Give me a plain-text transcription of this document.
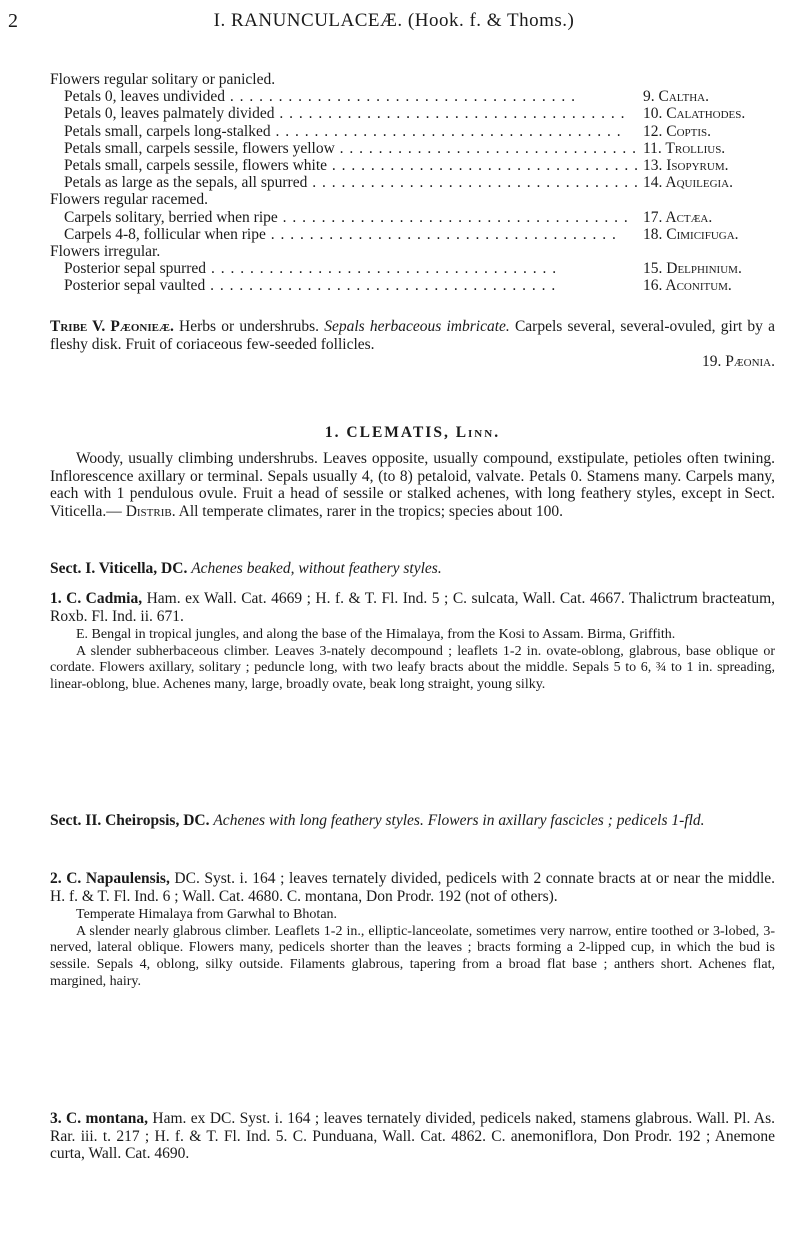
2	I. RANUNCULACEÆ. (Hook. f. & Thoms.)
Flowers regular solitary or panicled.
Petals 0, leaves undivided . . .	9. Caltha.
Petals 0, leaves palmately divided . . .	10. Calathodes.
Petals small, carpels long-stalked . . .	12. Coptis.
Petals small, carpels sessile, flowers yellow . . .	11. Trollius.
Petals small, carpels sessile, flowers white . . .	13. Isopyrum.
Petals as large as the sepals, all spurred . . .	14. Aquilegia.
Flowers regular racemed.
Carpels solitary, berried when ripe . . .	17. Actæa.
Carpels 4-8, follicular when ripe . . .	18. Cimicifuga.
Flowers irregular.
Posterior sepal spurred . . .	15. Delphinium.
Posterior sepal vaulted . . .	16. Aconitum.
Tribe V. Pæonieæ. Herbs or undershrubs. Sepals herbaceous imbricate. Carpels several, several-ovuled, girt by a fleshy disk. Fruit of coriaceous few-seeded follicles.
19. Pæonia.
1. CLEMATIS, Linn.
Woody, usually climbing undershrubs. Leaves opposite, usually compound, exstipulate, petioles often twining. Inflorescence axillary or terminal. Sepals usually 4, (to 8) petaloid, valvate. Petals 0. Stamens many. Carpels many, each with 1 pendulous ovule. Fruit a head of sessile or stalked achenes, with long feathery styles, except in Sect. Viticella.— Distrib. All temperate climates, rarer in the tropics; species about 100.
Sect. I. Viticella, DC. Achenes beaked, without feathery styles.
1. C. Cadmia, Ham. ex Wall. Cat. 4669 ; H. f. & T. Fl. Ind. 5 ; C. sulcata, Wall. Cat. 4667. Thalictrum bracteatum, Roxb. Fl. Ind. ii. 671.
E. Bengal in tropical jungles, and along the base of the Himalaya, from the Kosi to Assam. Birma, Griffith.
A slender subherbaceous climber. Leaves 3-nately decompound ; leaflets 1-2 in. ovate-oblong, glabrous, base oblique or cordate. Flowers axillary, solitary ; peduncle long, with two leafy bracts about the middle. Sepals 5 to 6, ¾ to 1 in. spreading, linear-oblong, blue. Achenes many, large, broadly ovate, beak long straight, young silky.
Sect. II. Cheiropsis, DC. Achenes with long feathery styles. Flowers in axillary fascicles ; pedicels 1-fld.
2. C. Napaulensis, DC. Syst. i. 164 ; leaves ternately divided, pedicels with 2 connate bracts at or near the middle. H. f. & T. Fl. Ind. 6 ; Wall. Cat. 4680. C. montana, Don Prodr. 192 (not of others).
Temperate Himalaya from Garwhal to Bhotan.
A slender nearly glabrous climber. Leaflets 1-2 in., elliptic-lanceolate, sometimes very narrow, entire toothed or 3-lobed, 3-nerved, lateral oblique. Flowers many, pedicels shorter than the leaves ; bracts forming a 2-lipped cup, in which the bud is sessile. Sepals 4, oblong, silky outside. Filaments glabrous, tapering from a broad flat base ; anthers short. Achenes flat, margined, hairy.
3. C. montana, Ham. ex DC. Syst. i. 164 ; leaves ternately divided, pedicels naked, stamens glabrous. Wall. Pl. As. Rar. iii. t. 217 ; H. f. & T. Fl. Ind. 5. C. Punduana, Wall. Cat. 4862. C. anemoniflora, Don Prodr. 192 ; Anemone curta, Wall. Cat. 4690.
